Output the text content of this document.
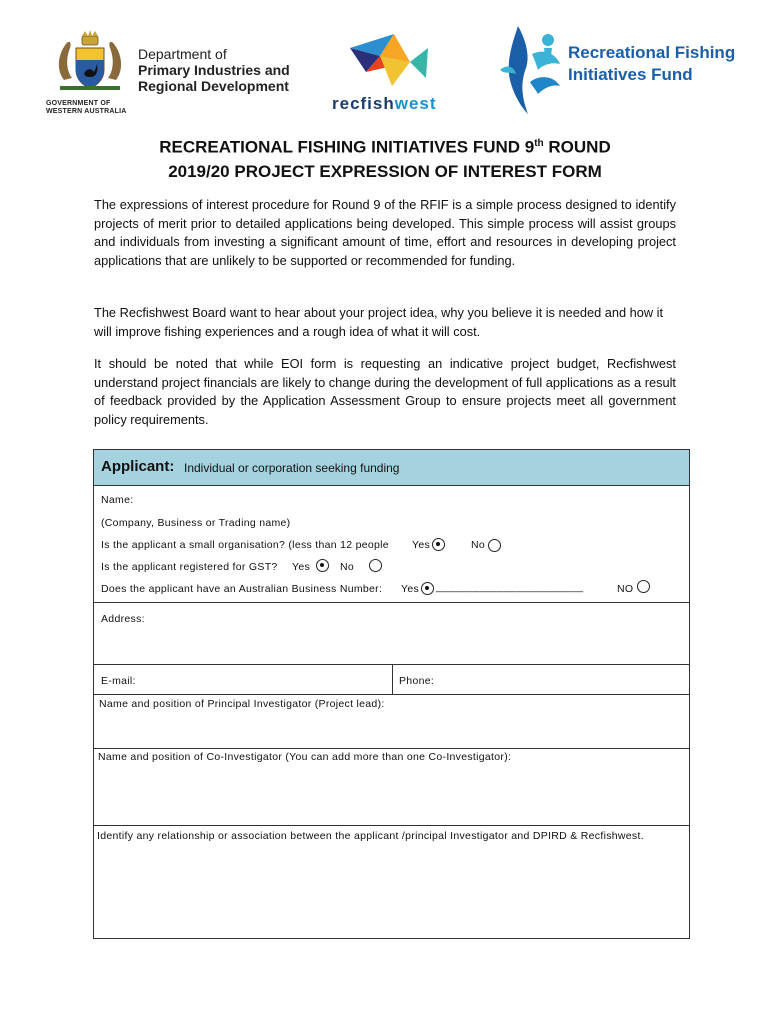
Department of
Primary Industries and
Regional Development
GOVERNMENT OF
WESTERN AUSTRALIA	recfishwest
Recreational Fishing
Initiatives Fund
RECREATIONAL FISHING INITIATIVES FUND 9th ROUND
2019/20 PROJECT EXPRESSION OF INTEREST FORM
The expressions of interest procedure for Round 9 of the RFIF is a simple process designed to identify projects of merit prior to detailed applications being developed. This simple process will assist groups and individuals from investing a significant amount of time, effort and resources in developing project applications that are unlikely to be supported or recommended for funding.
The Recfishwest Board want to hear about your project idea, why you believe it is needed and how it will improve fishing experiences and a rough idea of what it will cost.
It should be noted that while EOI form is requesting an indicative project budget, Recfishwest understand project financials are likely to change during the development of full applications as a result of feedback provided by the Application Assessment Group to ensure projects meet all government policy requirements.
Applicant: Individual or corporation seeking funding
Name:
(Company, Business or Trading name)
Is the applicant a small organisation? (less than 12 people Yes	No
Is the applicant registered for GST? Yes	No
Does the applicant have an Australian Business Number: Yes ________________________	NO
Address:
E-mail:	Phone:
Name and position of Principal Investigator (Project lead):
Name and position of Co-Investigator (You can add more than one Co-Investigator):
Identify any relationship or association between the applicant /principal Investigator and DPIRD & Recfishwest.
